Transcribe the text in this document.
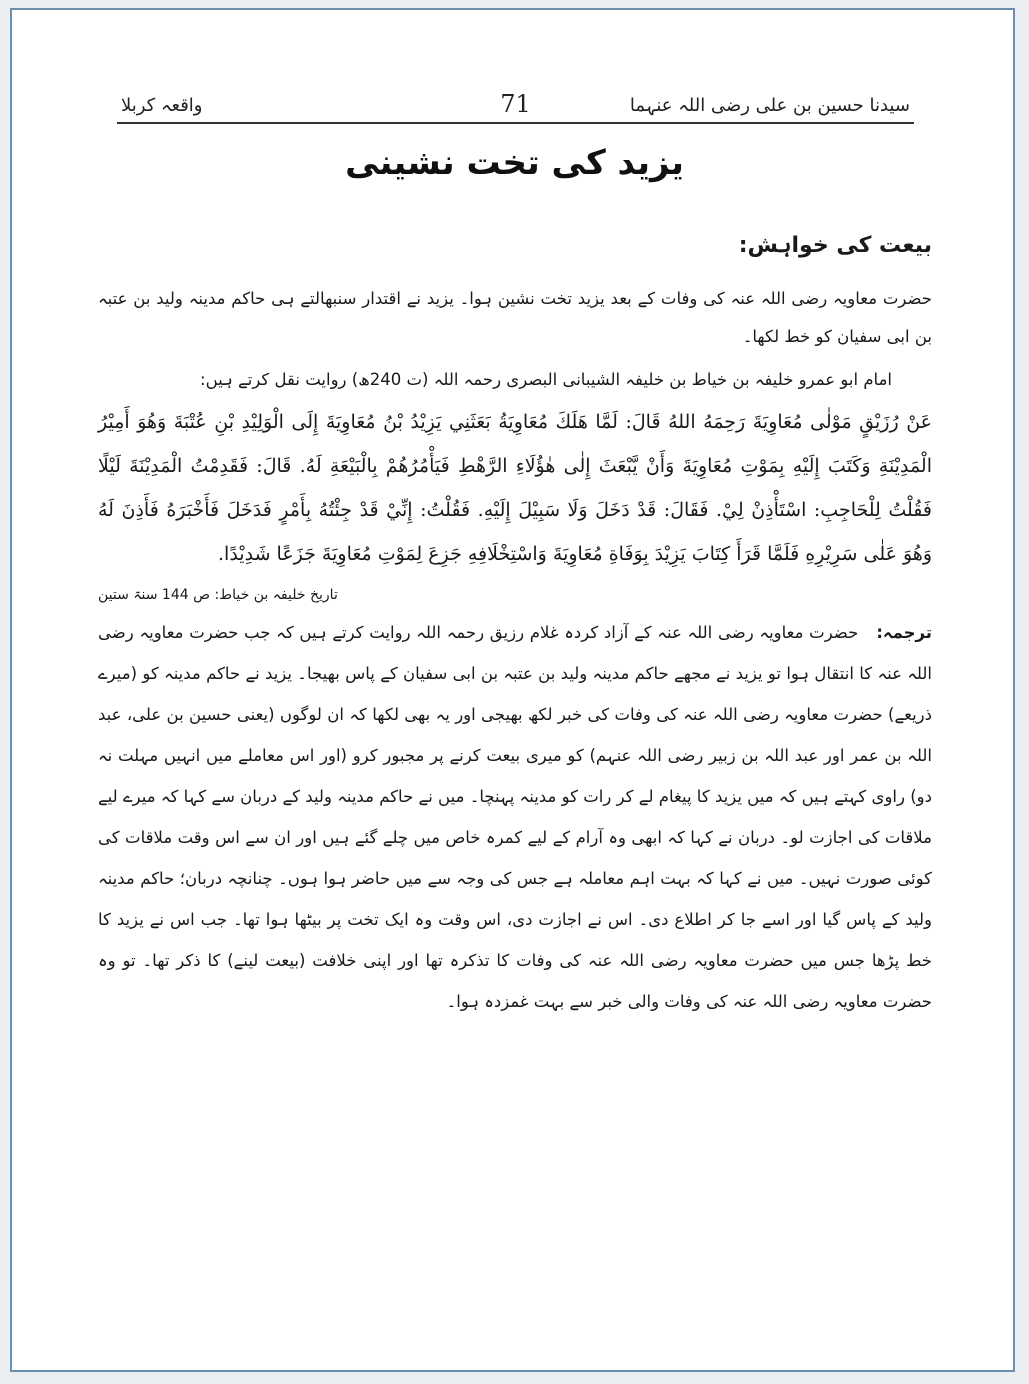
سیدنا حسین بن علی رضی اللہ عنہما
71
واقعہ کربلا
یزید کی تخت نشینی
بیعت کی خواہش:

حضرت معاویہ رضی اللہ عنہ کی وفات کے بعد یزید تخت نشین ہوا۔ یزید نے اقتدار سنبھالتے ہی حاکم مدینہ ولید بن عتبہ بن ابی سفیان کو خط لکھا۔

امام ابو عمرو خلیفہ بن خیاط بن خلیفہ الشیبانی البصری رحمہ اللہ (ت 240ھ) روایت نقل کرتے ہیں:

عَنْ رُزَيْقٍ مَوْلٰى مُعَاوِيَةَ رَحِمَهُ اللهُ قَالَ: لَمَّا هَلَكَ مُعَاوِيَةُ بَعَثَنِي يَزِيْدُ بْنُ مُعَاوِيَةَ إِلَى الْوَلِيْدِ بْنِ عُتْبَةَ وَهُوَ أَمِيْرُ الْمَدِيْنَةِ وَكَتَبَ إِلَيْهِ بِمَوْتِ مُعَاوِيَةَ وَأَنْ يَّبْعَثَ إِلٰى هٰؤُلَاءِ الرَّهْطِ فَيَأْمُرُهُمْ بِالْبَيْعَةِ لَهُ. قَالَ: فَقَدِمْتُ الْمَدِيْنَةَ لَيْلًا فَقُلْتُ لِلْحَاجِبِ: اسْتَأْذِنْ لِيْ. فَقَالَ: قَدْ دَخَلَ وَلَا سَبِيْلَ إِلَيْهِ. فَقُلْتُ: إِنِّيْ قَدْ جِئْتُهُ بِأَمْرٍ فَدَخَلَ فَأَخْبَرَهُ فَأَذِنَ لَهُ وَهُوَ عَلٰى سَرِيْرِهِ فَلَمَّا قَرَأَ كِتَابَ يَزِيْدَ بِوَفَاةِ مُعَاوِيَةَ وَاسْتِخْلَافِهِ جَزِعَ لِمَوْتِ مُعَاوِيَةَ جَزَعًا شَدِيْدًا.

تاریخ خلیفہ بن خیاط: ص 144 سنۃ ستین

ترجمہ:حضرت معاویہ رضی اللہ عنہ کے آزاد کردہ غلام رزیق رحمہ اللہ روایت کرتے ہیں کہ جب حضرت معاویہ رضی اللہ عنہ کا انتقال ہوا تو یزید نے مجھے حاکم مدینہ ولید بن عتبہ بن ابی سفیان کے پاس بھیجا۔ یزید نے حاکم مدینہ کو (میرے ذریعے) حضرت معاویہ رضی اللہ عنہ کی وفات کی خبر لکھ بھیجی اور یہ بھی لکھا کہ ان لوگوں (یعنی حسین بن علی، عبد اللہ بن عمر اور عبد اللہ بن زبیر رضی اللہ عنہم) کو میری بیعت کرنے پر مجبور کرو (اور اس معاملے میں انہیں مہلت نہ دو) راوی کہتے ہیں کہ میں یزید کا پیغام لے کر رات کو مدینہ پہنچا۔ میں نے حاکم مدینہ ولید کے دربان سے کہا کہ میرے لیے ملاقات کی اجازت لو۔ دربان نے کہا کہ ابھی وہ آرام کے لیے کمرہ خاص میں چلے گئے ہیں اور ان سے اس وقت ملاقات کی کوئی صورت نہیں۔ میں نے کہا کہ بہت اہم معاملہ ہے جس کی وجہ سے میں حاضر ہوا ہوں۔ چنانچہ دربان؛ حاکم مدینہ ولید کے پاس گیا اور اسے جا کر اطلاع دی۔ اس نے اجازت دی، اس وقت وہ ایک تخت پر بیٹھا ہوا تھا۔ جب اس نے یزید کا خط پڑھا جس میں حضرت معاویہ رضی اللہ عنہ کی وفات کا تذکرہ تھا اور اپنی خلافت (بیعت لینے) کا ذکر تھا۔ تو وہ حضرت معاویہ رضی اللہ عنہ کی وفات والی خبر سے بہت غمزدہ ہوا۔
